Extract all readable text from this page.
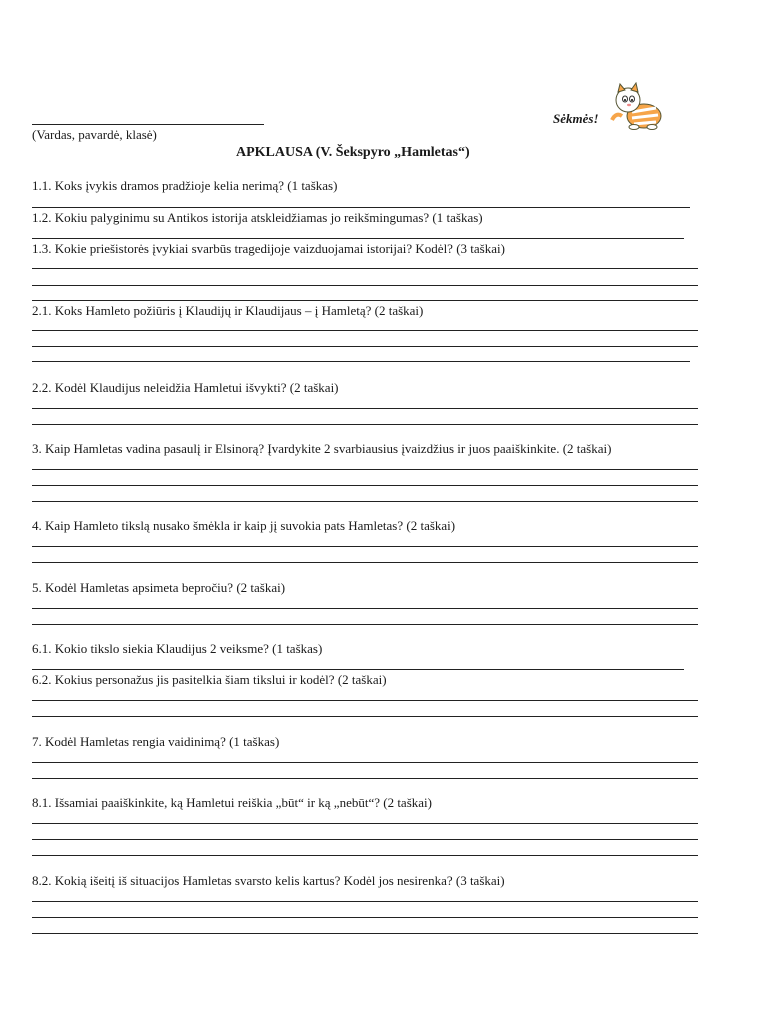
(Vardas, pavardė, klasė)
Sėkmės!
APKLAUSA (V. Šekspyro „Hamletas“)
1.1. Koks įvykis dramos pradžioje kelia nerimą? (1 taškas)
1.2. Kokiu palyginimu su Antikos istorija atskleidžiamas jo reikšmingumas? (1 taškas)
1.3. Kokie priešistorės įvykiai svarbūs tragedijoje vaizduojamai istorijai? Kodėl? (3 taškai)
2.1. Koks Hamleto požiūris į Klaudijų ir Klaudijaus – į Hamletą? (2 taškai)
2.2. Kodėl Klaudijus neleidžia Hamletui išvykti? (2 taškai)
3. Kaip Hamletas vadina pasaulį ir Elsinorą? Įvardykite 2 svarbiausius įvaizdžius ir juos paaiškinkite. (2 taškai)
4. Kaip Hamleto tikslą nusako šmėkla ir kaip jį suvokia pats Hamletas? (2 taškai)
5. Kodėl Hamletas apsimeta bepročiu? (2 taškai)
6.1. Kokio tikslo siekia Klaudijus 2 veiksme? (1 taškas)
6.2. Kokius personažus jis pasitelkia šiam tikslui ir kodėl? (2 taškai)
7. Kodėl Hamletas rengia vaidinimą? (1 taškas)
8.1. Išsamiai paaiškinkite, ką Hamletui reiškia „būt“ ir ką „nebūt“? (2 taškai)
8.2. Kokią išeitį iš situacijos Hamletas svarsto kelis kartus? Kodėl jos nesirenka? (3 taškai)
